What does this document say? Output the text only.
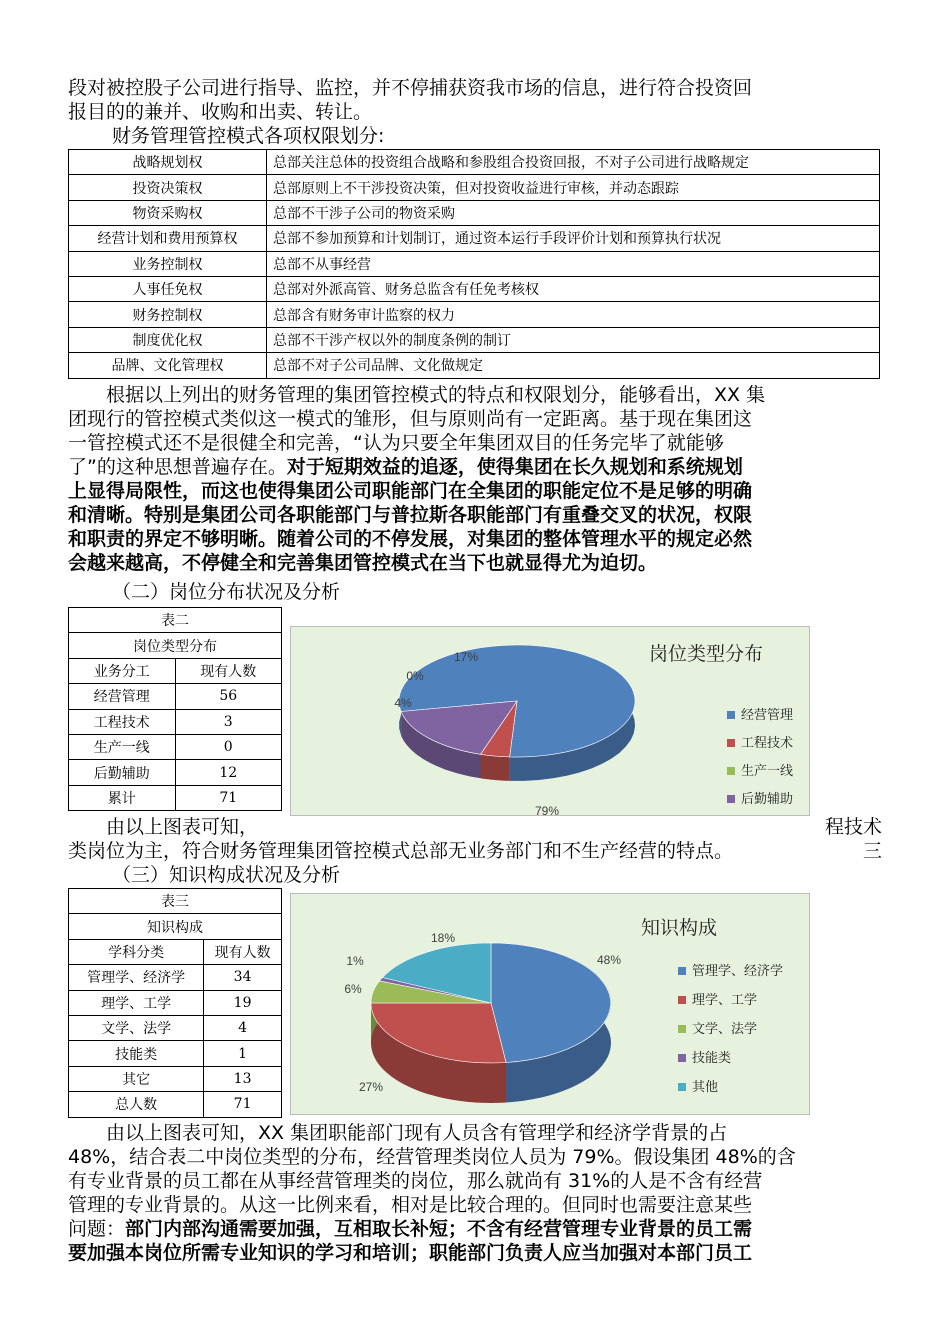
段对被控股子公司进行指导、监控，并不停捕获资我市场的信息，进行符合投资回

报目的的兼并、收购和出卖、转让。

财务管理管控模式各项权限划分:

战略规划权	总部关注总体的投资组合战略和参股组合投资回报，不对子公司进行战略规定
投资决策权	总部原则上不干涉投资决策，但对投资收益进行审核，并动态跟踪
物资采购权	总部不干涉子公司的物资采购
经营计划和费用预算权	总部不参加预算和计划制订，通过资本运行手段评价计划和预算执行状况
业务控制权	总部不从事经营
人事任免权	总部对外派高管、财务总监含有任免考核权
财务控制权	总部含有财务审计监察的权力
制度优化权	总部不干涉产权以外的制度条例的制订
品牌、文化管理权	总部不对子公司品牌、文化做规定

根据以上列出的财务管理的集团管控模式的特点和权限划分，能够看出，XX 集

团现行的管控模式类似这一模式的雏形，但与原则尚有一定距离。基于现在集团这

一管控模式还不是很健全和完善，“认为只要全年集团双目的任务完毕了就能够

了”的这种思想普遍存在。对于短期效益的追逐，使得集团在长久规划和系统规划

上显得局限性，而这也使得集团公司职能部门在全集团的职能定位不是足够的明确

和清晰。特别是集团公司各职能部门与普拉斯各职能部门有重叠交叉的状况，权限

和职责的界定不够明晰。随着公司的不停发展，对集团的整体管理水平的规定必然

会越来越高，不停健全和完善集团管控模式在当下也就显得尤为迫切。

（二）岗位分布状况及分析

表二	
岗位类型分布	
业务分工	现有人数
经营管理	56
工程技术	3
生产一线	0
后勤辅助	12
累计	71
79%
4%
0%
17%	岗位类型分布
经营管理
工程技术
生产一线
后勤辅助

由以上图表可知，	程技术三

类岗位为主，符合财务管理集团管控模式总部无业务部门和不生产经营的特点。

（三）知识构成状况及分析

表三	
知识构成	
学科分类	现有人数
管理学、经济学	34
理学、工学	19
文学、法学	4
技能类	1
其它	13
总人数	71
48%
27%
6%
1%
18%	知识构成
管理学、经济学
理学、工学
文学、法学
技能类
其他

由以上图表可知，XX 集团职能部门现有人员含有管理学和经济学背景的占

48%，结合表二中岗位类型的分布，经营管理类岗位人员为 79%。假设集团 48%的含

有专业背景的员工都在从事经营管理类的岗位，那么就尚有 31%的人是不含有经营

管理的专业背景的。从这一比例来看，相对是比较合理的。但同时也需要注意某些

问题：部门内部沟通需要加强，互相取长补短；不含有经营管理专业背景的员工需

要加强本岗位所需专业知识的学习和培训；职能部门负责人应当加强对本部门员工
